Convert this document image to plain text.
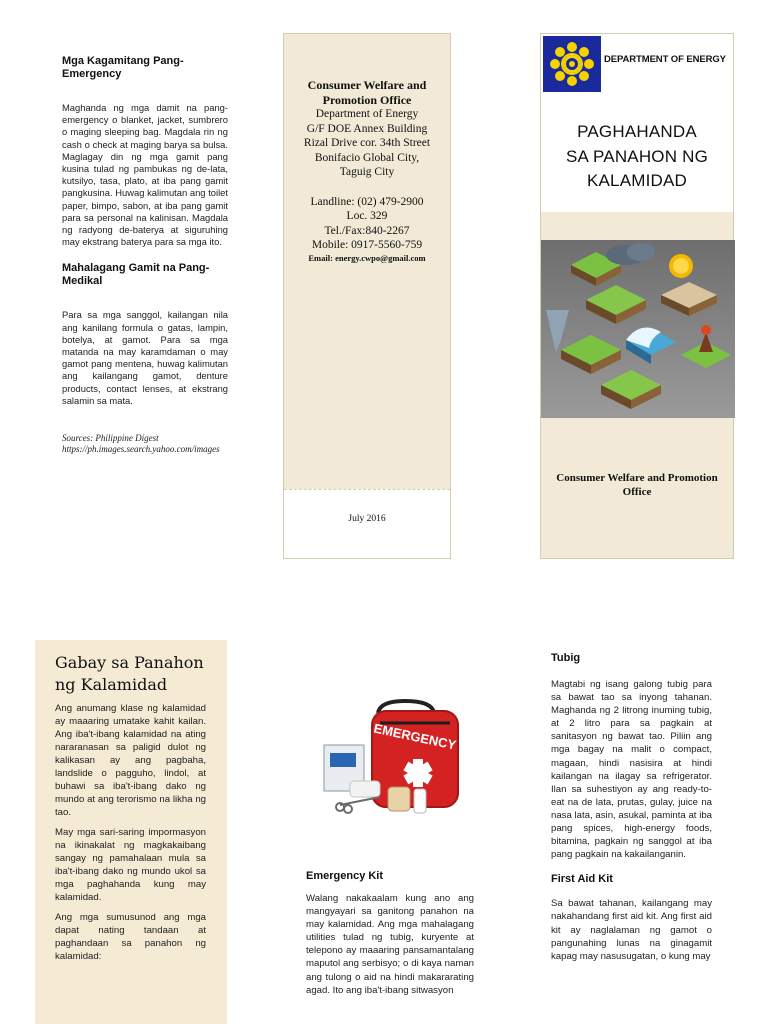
Mga Kagamitang Pang-Emergency
Maghanda ng mga damit na pang-emergency o blanket, jacket, sumbrero o maging sleeping bag. Magdala rin ng cash o check at maging barya sa bulsa. Maglagay din ng mga gamit pang kusina tulad ng pambukas ng de-lata, kutsilyo, tasa, plato, at iba pang gamit pangkusina. Huwag kalimutan ang toilet paper, bimpo, sabon, at iba pang gamit para sa personal na kalinisan. Magdala ng radyong de-baterya at siguruhing may ekstrang baterya para sa mga ito.
Mahalagang Gamit na Pang-Medikal
Para sa mga sanggol, kailangan nila ang kanilang formula o gatas, lampin, botelya, at gamot. Para sa mga matanda na may karamdaman o may gamot pang mentena, huwag kalimutan ang kailangang gamot, denture products, contact lenses, at ekstrang salamin sa mata.
Sources: Philippine Digest
https://ph.images.search.yahoo.com/images
Consumer Welfare and Promotion Office
Department of Energy
G/F DOE Annex Building
Rizal Drive cor. 34th Street
Bonifacio Global City,
Taguig City
Landline: (02) 479-2900
Loc. 329
Tel./Fax:840-2267
Mobile: 0917-5560-759
Email: energy.cwpo@gmail.com
July 2016
DEPARTMENT OF ENERGY
PAGHAHANDA
SA PANAHON NG
KALAMIDAD
Consumer Welfare and Promotion Office
Gabay sa Panahon ng Kalamidad

Ang anumang klase ng kalamidad ay maaaring umatake kahit kailan. Ang iba't-ibang kalamidad na ating nararanasan sa paligid dulot ng kalikasan ay ang pagbaha, landslide o pagguho, lindol, at buhawi sa iba't-ibang dako ng mundo at ang terorismo na likha ng tao.

May mga sari-saring impormasyon na ikinakalat ng magkakaibang sangay ng pamahalaan mula sa iba't-ibang dako ng mundo ukol sa mga paghahanda kung may kalamidad.

Ang mga sumusunod ang mga dapat nating tandaan at paghandaan sa panahon ng kalamidad:

EMERGENCY
Emergency Kit
Walang nakakaalam kung ano ang mangyayari sa ganitong panahon na may kalamidad. Ang mga mahalagang utilities tulad ng tubig, kuryente at telepono ay maaaring pansamantalang maputol ang serbisyo; o di kaya naman ang tulong o aid na hindi makararating agad. Ito ang iba't-ibang sitwasyon
Tubig
Magtabi ng isang galong tubig para sa bawat tao sa inyong tahanan. Maghanda ng 2 litrong inuming tubig, at 2 litro para sa pagkain at sanitasyon ng bawat tao. Piliin ang mga bagay na malit o compact, magaan, hindi nasisira at hindi kailangan na ilagay sa refrigerator. Ilan sa suhestiyon ay ang ready-to-eat na de lata, prutas, gulay, juice na nasa lata, asin, asukal, paminta at iba pang spices, high-energy foods, bitamina, pagkain ng sanggol at iba pang pagkain na kakailanganin.
First Aid Kit
Sa bawat tahanan, kailangang may nakahandang first aid kit. Ang first aid kit ay naglalaman ng gamot o pangunahing lunas na ginagamit kapag may nasusugatan, o kung may
